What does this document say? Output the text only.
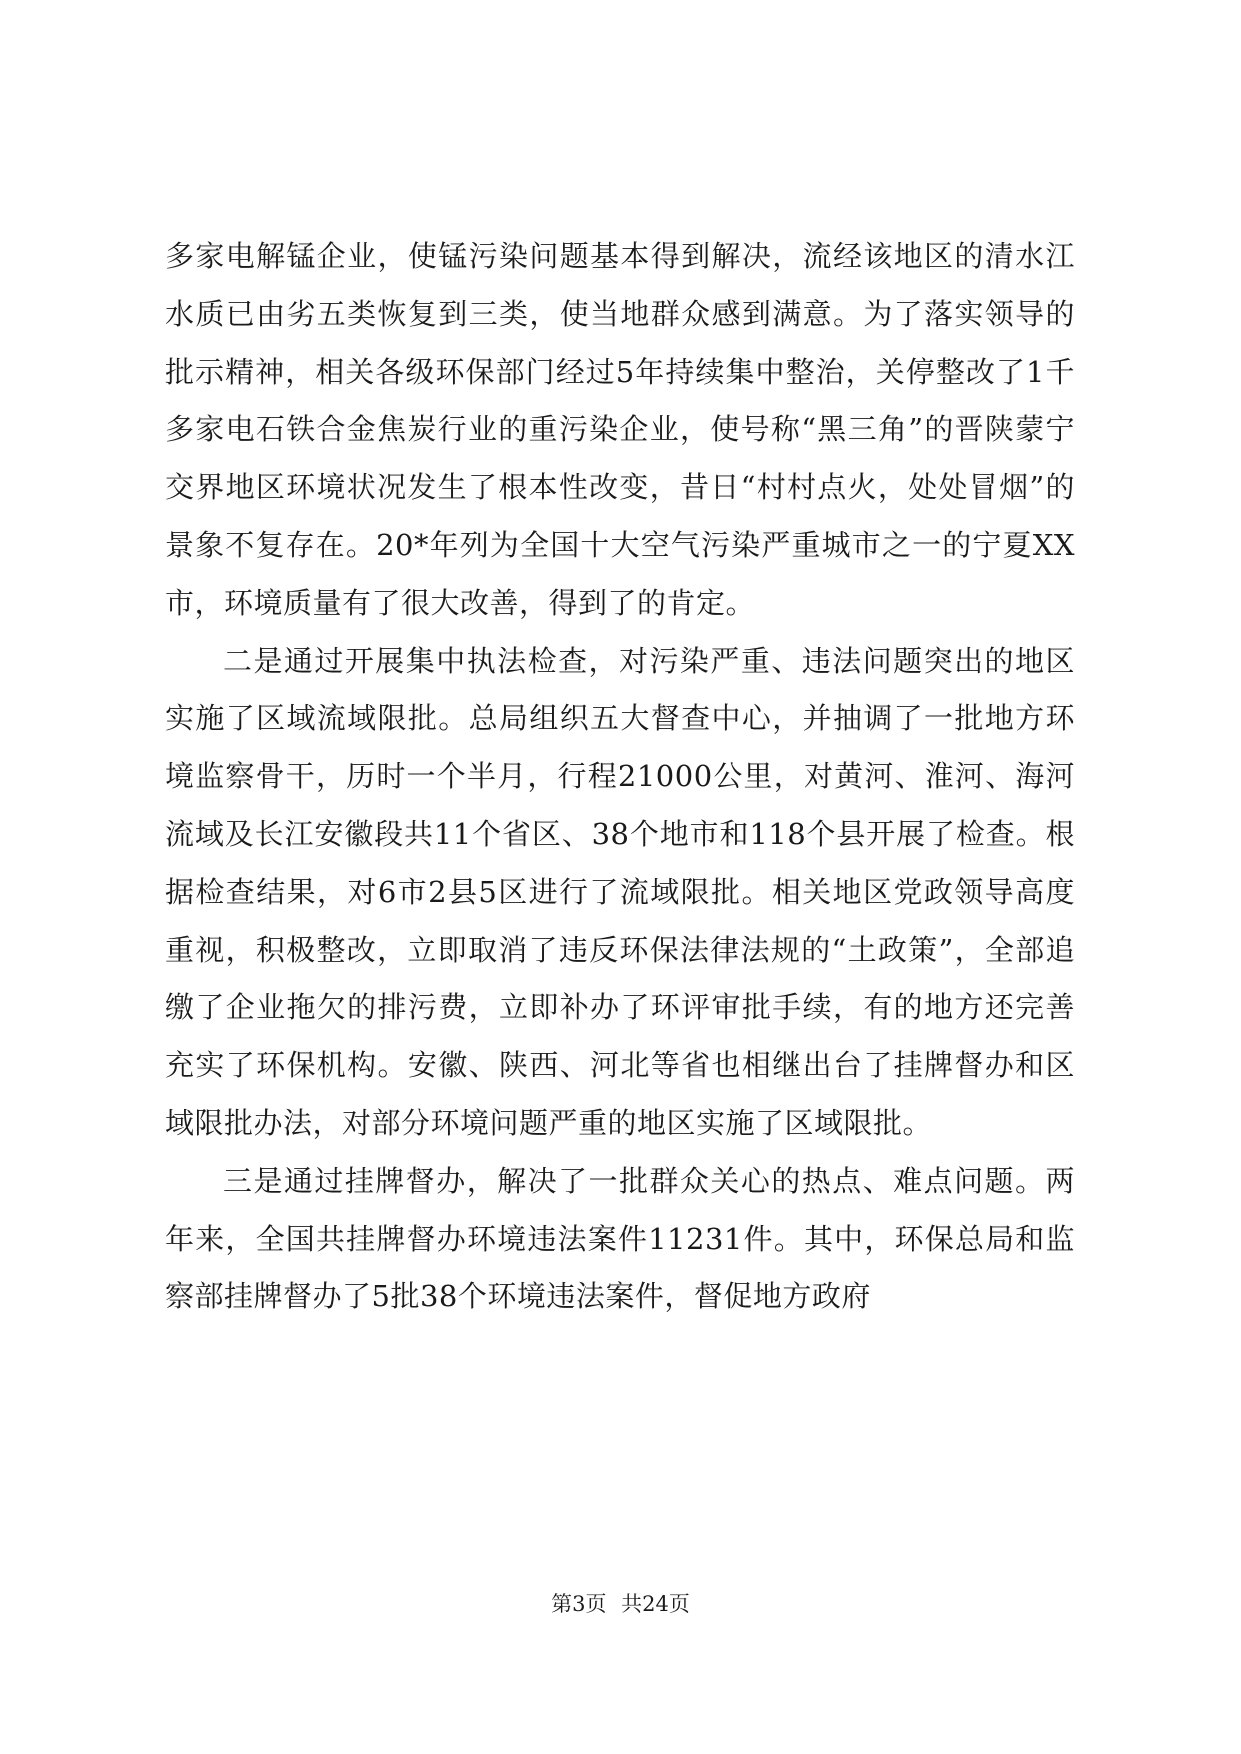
多家电解锰企业，使锰污染问题基本得到解决，流经该地区的清水江水质已由劣五类恢复到三类，使当地群众感到满意。为了落实领导的批示精神，相关各级环保部门经过5年持续集中整治，关停整改了1千多家电石铁合金焦炭行业的重污染企业，使号称“黑三角”的晋陕蒙宁交界地区环境状况发生了根本性改变，昔日“村村点火，处处冒烟”的景象不复存在。20*年列为全国十大空气污染严重城市之一的宁夏XX市，环境质量有了很大改善，得到了的肯定。

二是通过开展集中执法检查，对污染严重、违法问题突出的地区实施了区域流域限批。总局组织五大督查中心，并抽调了一批地方环境监察骨干，历时一个半月，行程21000公里，对黄河、淮河、海河流域及长江安徽段共11个省区、38个地市和118个县开展了检查。根据检查结果，对6市2县5区进行了流域限批。相关地区党政领导高度重视，积极整改，立即取消了违反环保法律法规的“土政策”，全部追缴了企业拖欠的排污费，立即补办了环评审批手续，有的地方还完善充实了环保机构。安徽、陕西、河北等省也相继出台了挂牌督办和区域限批办法，对部分环境问题严重的地区实施了区域限批。

三是通过挂牌督办，解决了一批群众关心的热点、难点问题。两年来，全国共挂牌督办环境违法案件11231件。其中，环保总局和监察部挂牌督办了5批38个环境违法案件，督促地方政府

第3页 共24页
